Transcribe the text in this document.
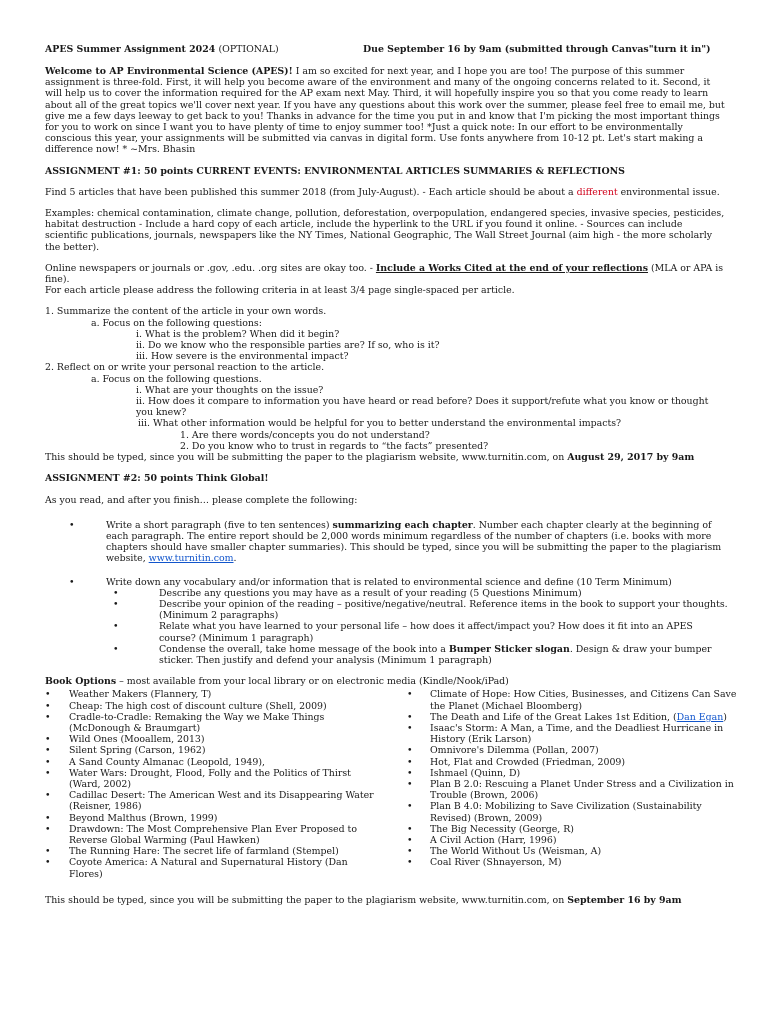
APES Summer Assignment 2024 (OPTIONAL)	Due September 16 by 9am (submitted through Canvas"turn it in")

Welcome to AP Environmental Science (APES)! I am so excited for next year, and I hope you are too! The purpose of this summer assignment is three-fold. First, it will help you become aware of the environment and many of the ongoing concerns related to it. Second, it will help us to cover the information required for the AP exam next May. Third, it will hopefully inspire you so that you come ready to learn about all of the great topics we'll cover next year. If you have any questions about this work over the summer, please feel free to email me, but give me a few days leeway to get back to you! Thanks in advance for the time you put in and know that I'm picking the most important things for you to work on since I want you to have plenty of time to enjoy summer too! *Just a quick note: In our effort to be environmentally conscious this year, your assignments will be submitted via canvas in digital form. Use fonts anywhere from 10-12 pt. Let's start making a difference now! * ~Mrs. Bhasin

ASSIGNMENT #1: 50 points CURRENT EVENTS: ENVIRONMENTAL ARTICLES SUMMARIES & REFLECTIONS

Find 5 articles that have been published this summer 2018 (from July-August). - Each article should be about a different environmental issue.

Examples: chemical contamination, climate change, pollution, deforestation, overpopulation, endangered species, invasive species, pesticides, habitat destruction - Include a hard copy of each article, include the hyperlink to the URL if you found it online. - Sources can include scientific publications, journals, newspapers like the NY Times, National Geographic, The Wall Street Journal (aim high - the more scholarly the better).

Online newspapers or journals or .gov, .edu. .org sites are okay too. - Include a Works Cited at the end of your reflections (MLA or APA is fine).

For each article please address the following criteria in at least 3/4 page single-spaced per article.

1. Summarize the content of the article in your own words.

a. Focus on the following questions:

i. What is the problem? When did it begin?

ii. Do we know who the responsible parties are? If so, who is it?

iii. How severe is the environmental impact?

2. Reflect on or write your personal reaction to the article.

a. Focus on the following questions.

i. What are your thoughts on the issue?

ii. How does it compare to information you have heard or read before? Does it support/refute what you know or thought you knew?

iii. What other information would be helpful for you to better understand the environmental impacts?

1. Are there words/concepts you do not understand?

2. Do you know who to trust in regards to “the facts” presented?

This should be typed, since you will be submitting the paper to the plagiarism website, www.turnitin.com, on August 29, 2017 by 9am

ASSIGNMENT #2: 50 points Think Global!

As you read, and after you finish… please complete the following:

•	Write a short paragraph (five to ten sentences) summarizing each chapter. Number each chapter clearly at the beginning of each paragraph. The entire report should be 2,000 words minimum regardless of the number of chapters (i.e. books with more chapters should have smaller chapter summaries). This should be typed, since you will be submitting the paper to the plagiarism website, www.turnitin.com.
•	Write down any vocabulary and/or information that is related to environmental science and define (10 Term Minimum)
•	Describe any questions you may have as a result of your reading (5 Questions Minimum)
•	Describe your opinion of the reading – positive/negative/neutral. Reference items in the book to support your thoughts. (Minimum 2 paragraphs)
•	Relate what you have learned to your personal life – how does it affect/impact you? How does it fit into an APES course? (Minimum 1 paragraph)
•	Condense the overall, take home message of the book into a Bumper Sticker slogan. Design & draw your bumper sticker. Then justify and defend your analysis (Minimum 1 paragraph)

Book Options – most available from your local library or on electronic media (Kindle/Nook/iPad)

• Weather Makers (Flannery, T)
• Cheap: The high cost of discount culture (Shell, 2009)
• Cradle-to-Cradle: Remaking the Way we Make Things (McDonough & Braumgart)
• Wild Ones (Mooallem, 2013)
• Silent Spring (Carson, 1962)
• A Sand County Almanac (Leopold, 1949),
• Water Wars: Drought, Flood, Folly and the Politics of Thirst (Ward, 2002)
• Cadillac Desert: The American West and its Disappearing Water (Reisner, 1986)
• Beyond Malthus (Brown, 1999)
• Drawdown: The Most Comprehensive Plan Ever Proposed to Reverse Global Warming (Paul Hawken)
• The Running Hare: The secret life of farmland (Stempel)
• Coyote America: A Natural and Supernatural History (Dan Flores)
• Climate of Hope: How Cities, Businesses, and Citizens Can Save the Planet (Michael Bloomberg)
• The Death and Life of the Great Lakes 1st Edition, (Dan Egan)
• Isaac's Storm: A Man, a Time, and the Deadliest Hurricane in History (Erik Larson)
• Omnivore's Dilemma (Pollan, 2007)
• Hot, Flat and Crowded (Friedman, 2009)
• Ishmael (Quinn, D)
• Plan B 2.0: Rescuing a Planet Under Stress and a Civilization in Trouble (Brown, 2006)
• Plan B 4.0: Mobilizing to Save Civilization (Sustainability Revised) (Brown, 2009)
• The Big Necessity (George, R)
• A Civil Action (Harr, 1996)
• The World Without Us (Weisman, A)
• Coal River (Shnayerson, M)

This should be typed, since you will be submitting the paper to the plagiarism website, www.turnitin.com, on September 16 by 9am
